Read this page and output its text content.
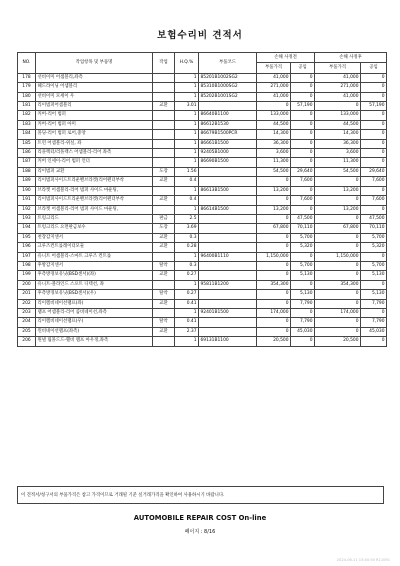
보험수리비 견적서
NO.	작업항목 및 부품명	작업	H.Q.%	부품코드	손해 사정전		손해 사정후	
					부품가격	공임	부품가격	공임
178	선비이미 어셈블리,좌측		1	85201B1002SG2	41,000	0	41,000	0
179	헤드라이닝 어셈블리		1	85310B1000SG2	271,000	0	271,000	0
180	선비이미 모세이 우		1	85202B1001SG2	41,000	0	41,000	0
181	리이범퍼어셈블리	교환	3.01		0	57,190	0	57,190
182	커버-리어 범퍼		1	86640B1100	133,000	0	133,000	0
183	커버-리어 범퍼 아미		1	86612B1530	44,500	0	44,500	0
184	몰딩-리어 범퍼 로어,중앙		1	86679B1500PCR	14,300	0	14,300	0
185	트윈 어셈블리-위실, 좌		1	86661B1500	36,300	0	36,300	0
186	리플렉터/리플렉스 어셈블리-리어 좌측		1	92405B1000	3,600	0	3,600	0
187	커버 인세이-리어 범퍼 언더		1	86690B1500	11,300	0	11,300	0
188	리이범퍼 교환	도장	1.56		54,500	29,640	54,500	29,640
189	리이범퍼사이드트리운밴브라켓(리어펜더부착	교환	0.4		0	7,600	0	7,600
190	브라켓 어셈블리-리어 범퍼 사이드 마운팅,		1	86613B1500	13,200	0	13,200	0
191	리이범퍼사이드트리운밴브라켓(리어펜더부착	교환	0.4		0	7,600	0	7,600
192	브라켓 어셈블리-리어 범퍼 사이드 마운팅,		1	86614B1500	13,200	0	13,200	0
193	트렁크리드	판금	2.5		0	47,500	0	47,500
194	트렁크리드 요면판금보수	도장	3.69		67,800	70,110	67,800	70,110
195	천장감지센서	교환	0.3		0	5,700	0	5,700
196	크루즈컨트롤레이더모듈	교환	0.28		0	5,320	0	5,320
197	유니트 어셈블리-스마트 크루즈 컨트롤		1	96400B1110	1,150,000	0	1,150,000	0
198	후방감지센서	탈착	0.3		0	5,700	0	5,700
199	후측방경보유닛(BSD센서)(좌)	교환	0.27		0	5,130	0	5,130
200	유니트-블라인드 스포트 디텍션, 좌		1	95811B1200	354,300	0	354,300	0
201	후측방경보유닛(BSD센서)(우)	탈착	0.27		0	5,130	0	5,130
202	리이렘비네이션램프(좌)	교환	0.41		0	7,790	0	7,790
203	램프 어셈블리-리어 콤비네이션,좌측		1	92401B1500	174,000	0	174,000	0
204	리이렘비네이션램프(우)	탈착	0.41		0	7,790	0	7,790
205	윈비네이션램프(좌측)	교환	2.37		0	45,030	0	45,030
206	원넬 림몰드드-휀비 램프 아우정,좌측		1	69131B1100	20,500	0	20,500	0
이 견적서/청구서의 부품가격은 참고 가격이므로 거래될 기준 실거래가격을 확인하여 사용하시기 바랍니다.
AUTOMOBILE REPAIR COST On-line
페이지 : 8/16
2024-06-11 15:40:50 R11091
